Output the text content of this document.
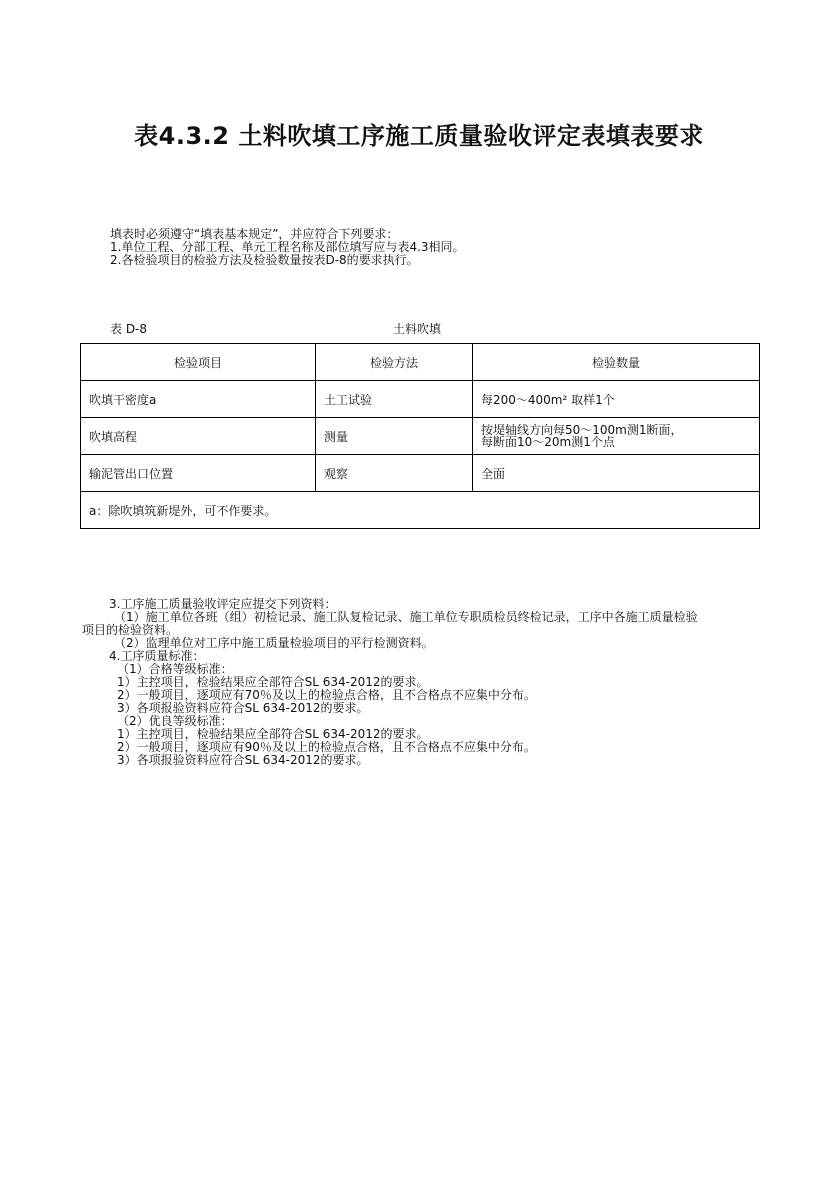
表4.3.2 土料吹填工序施工质量验收评定表填表要求
填表时必须遵守“填表基本规定”，并应符合下列要求：
1.单位工程、分部工程、单元工程名称及部位填写应与表4.3相同。
2.各检验项目的检验方法及检验数量按表D-8的要求执行。
表 D-8	土料吹填
检验项目	检验方法	检验数量
吹填干密度a	土工试验	每200～400m² 取样1个
吹填高程	测量	按堤轴线方向每50～100m测1断面，
每断面10～20m测1个点

输泥管出口位置	观察	全面
a：除吹填筑新堤外，可不作要求。		
3.工序施工质量验收评定应提交下列资料：
（1）施工单位各班（组）初检记录、施工队复检记录、施工单位专职质检员终检记录，工序中各施工质量检验
项目的检验资料。
（2）监理单位对工序中施工质量检验项目的平行检测资料。
4.工序质量标准：
（1）合格等级标准：
1）主控项目，检验结果应全部符合SL 634-2012的要求。
2）一般项目，逐项应有70％及以上的检验点合格，且不合格点不应集中分布。
3）各项报验资料应符合SL 634-2012的要求。
（2）优良等级标准：
1）主控项目，检验结果应全部符合SL 634-2012的要求。
2）一般项目，逐项应有90％及以上的检验点合格，且不合格点不应集中分布。
3）各项报验资料应符合SL 634-2012的要求。
